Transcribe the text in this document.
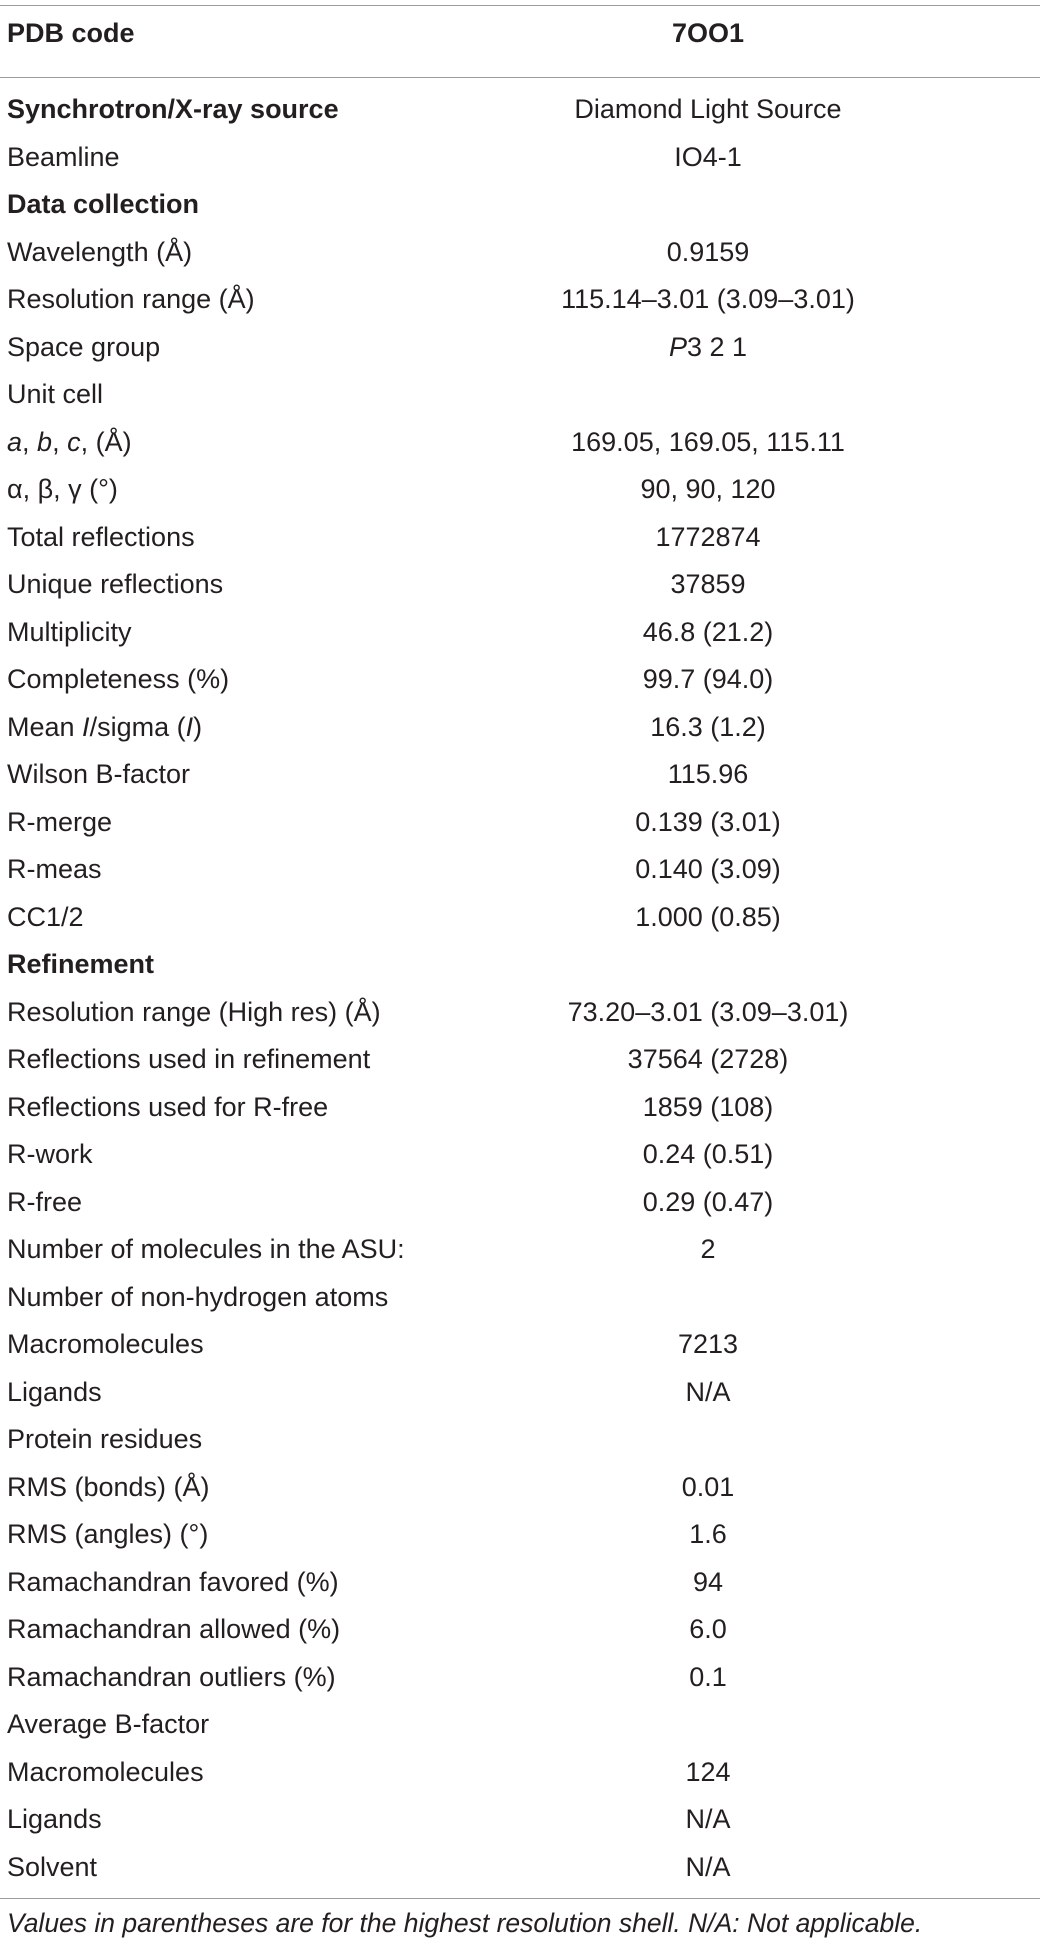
PDB code	7OO1
Synchrotron/X-ray source	Diamond Light Source
Beamline	IO4-1
Data collection
Wavelength (Å)	0.9159
Resolution range (Å)	115.14–3.01 (3.09–3.01)
Space group	P3 2 1
Unit cell
a, b, c, (Å)	169.05, 169.05, 115.11
α, β, γ (°)	90, 90, 120
Total reflections	1772874
Unique reflections	37859
Multiplicity	46.8 (21.2)
Completeness (%)	99.7 (94.0)
Mean I/sigma (I)	16.3 (1.2)
Wilson B-factor	115.96
R-merge	0.139 (3.01)
R-meas	0.140 (3.09)
CC1/2	1.000 (0.85)
Refinement
Resolution range (High res) (Å)	73.20–3.01 (3.09–3.01)
Reflections used in refinement	37564 (2728)
Reflections used for R-free	1859 (108)
R-work	0.24 (0.51)
R-free	0.29 (0.47)
Number of molecules in the ASU:	2
Number of non-hydrogen atoms
Macromolecules	7213
Ligands	N/A
Protein residues
RMS (bonds) (Å)	0.01
RMS (angles) (°)	1.6
Ramachandran favored (%)	94
Ramachandran allowed (%)	6.0
Ramachandran outliers (%)	0.1
Average B-factor
Macromolecules	124
Ligands	N/A
Solvent	N/A
Values in parentheses are for the highest resolution shell. N/A: Not applicable.
